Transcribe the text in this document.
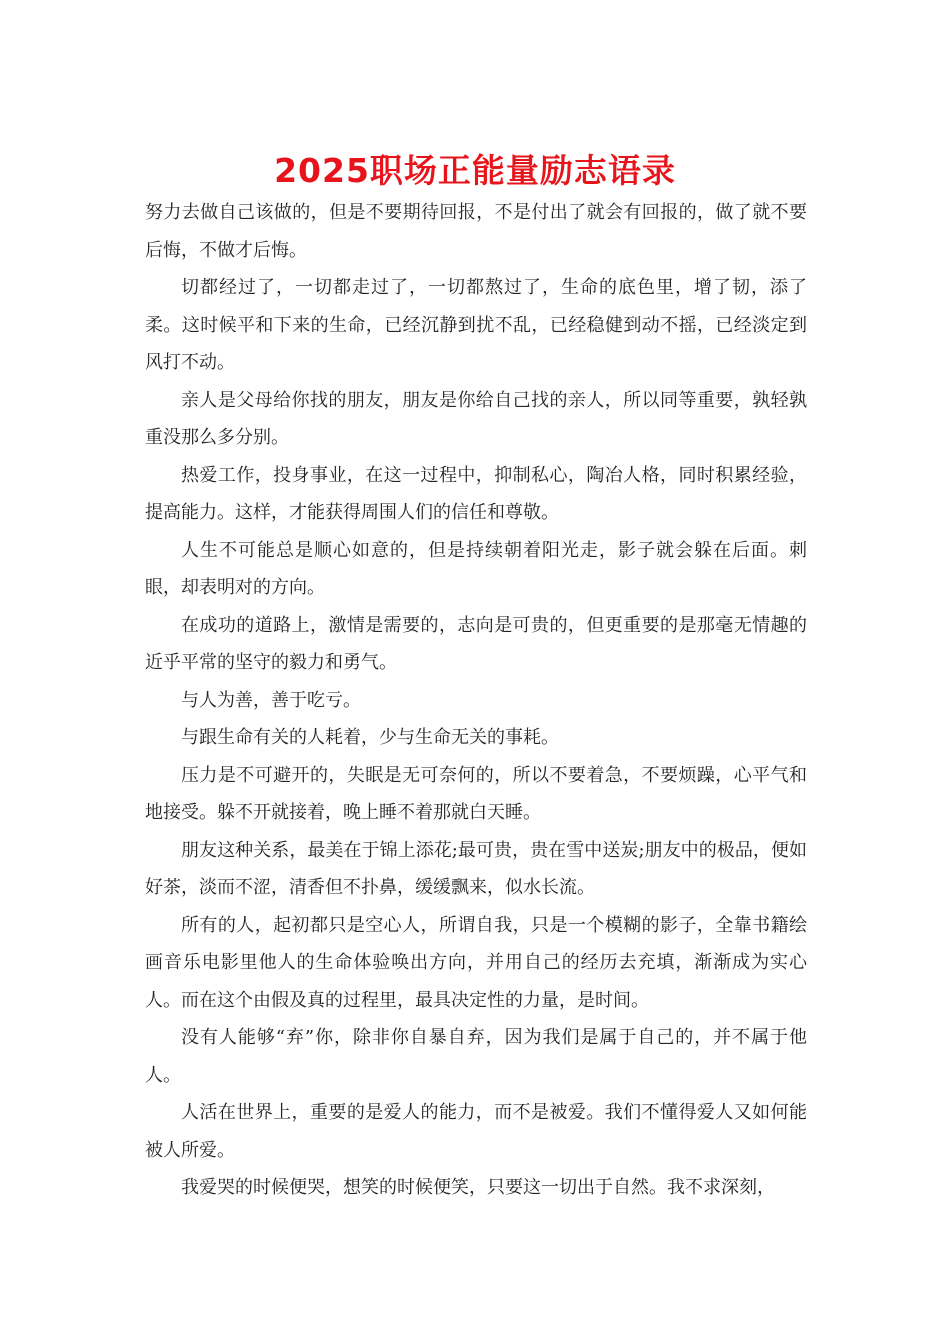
2025职场正能量励志语录

努力去做自己该做的，但是不要期待回报，不是付出了就会有回报的，做了就不要后悔，不做才后悔。

切都经过了，一切都走过了，一切都熬过了，生命的底色里，增了韧，添了柔。这时候平和下来的生命，已经沉静到扰不乱，已经稳健到动不摇，已经淡定到风打不动。

亲人是父母给你找的朋友，朋友是你给自己找的亲人，所以同等重要，孰轻孰重没那么多分别。

热爱工作，投身事业，在这一过程中，抑制私心，陶冶人格，同时积累经验，提高能力。这样，才能获得周围人们的信任和尊敬。

人生不可能总是顺心如意的，但是持续朝着阳光走，影子就会躲在后面。刺眼，却表明对的方向。

在成功的道路上，激情是需要的，志向是可贵的，但更重要的是那毫无情趣的近乎平常的坚守的毅力和勇气。

与人为善，善于吃亏。

与跟生命有关的人耗着，少与生命无关的事耗。

压力是不可避开的，失眠是无可奈何的，所以不要着急，不要烦躁，心平气和地接受。躲不开就接着，晚上睡不着那就白天睡。

朋友这种关系，最美在于锦上添花;最可贵，贵在雪中送炭;朋友中的极品，便如好茶，淡而不涩，清香但不扑鼻，缓缓飘来，似水长流。

所有的人，起初都只是空心人，所谓自我，只是一个模糊的影子，全靠书籍绘画音乐电影里他人的生命体验唤出方向，并用自己的经历去充填，渐渐成为实心人。而在这个由假及真的过程里，最具决定性的力量，是时间。

没有人能够“弃”你，除非你自暴自弃，因为我们是属于自己的，并不属于他人。

人活在世界上，重要的是爱人的能力，而不是被爱。我们不懂得爱人又如何能被人所爱。

我爱哭的时候便哭，想笑的时候便笑，只要这一切出于自然。我不求深刻，
